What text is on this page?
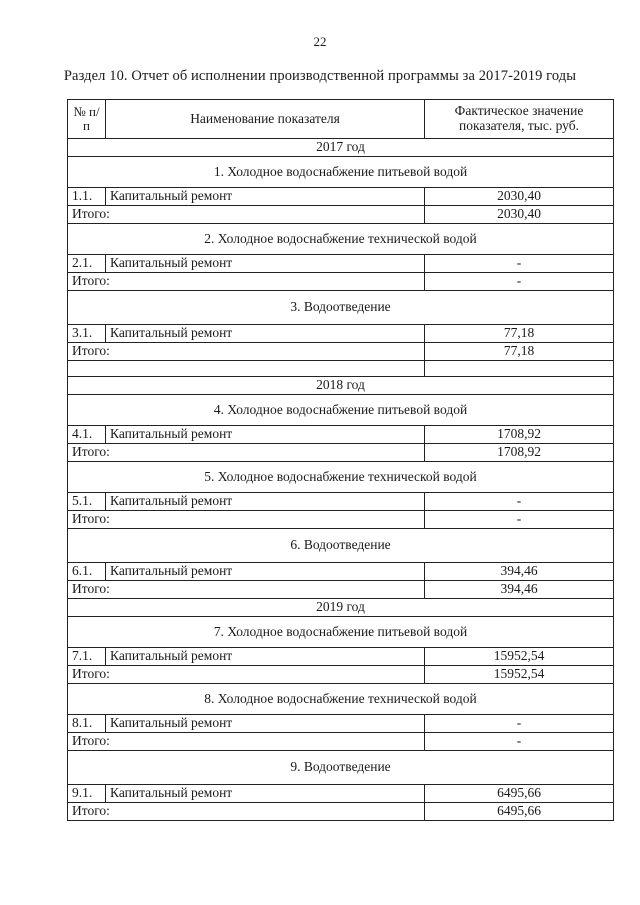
22
Раздел 10. Отчет об исполнении производственной программы за 2017-2019 годы
№ п/п	Наименование показателя	Фактическое значение показателя, тыс. руб.
2017 год		
1. Холодное водоснабжение питьевой водой		
1.1.	Капитальный ремонт	2030,40
Итого:		2030,40
2. Холодное водоснабжение технической водой		
2.1.	Капитальный ремонт	-
Итого:		-
3. Водоотведение		
3.1.	Капитальный ремонт	77,18
Итого:		77,18

2018 год		
4. Холодное водоснабжение питьевой водой		
4.1.	Капитальный ремонт	1708,92
Итого:		1708,92
5. Холодное водоснабжение технической водой		
5.1.	Капитальный ремонт	-
Итого:		-
6. Водоотведение		
6.1.	Капитальный ремонт	394,46
Итого:		394,46
2019 год		
7. Холодное водоснабжение питьевой водой		
7.1.	Капитальный ремонт	15952,54
Итого:		15952,54
8. Холодное водоснабжение технической водой		
8.1.	Капитальный ремонт	-
Итого:		-
9. Водоотведение		
9.1.	Капитальный ремонт	6495,66
Итого:		6495,66
